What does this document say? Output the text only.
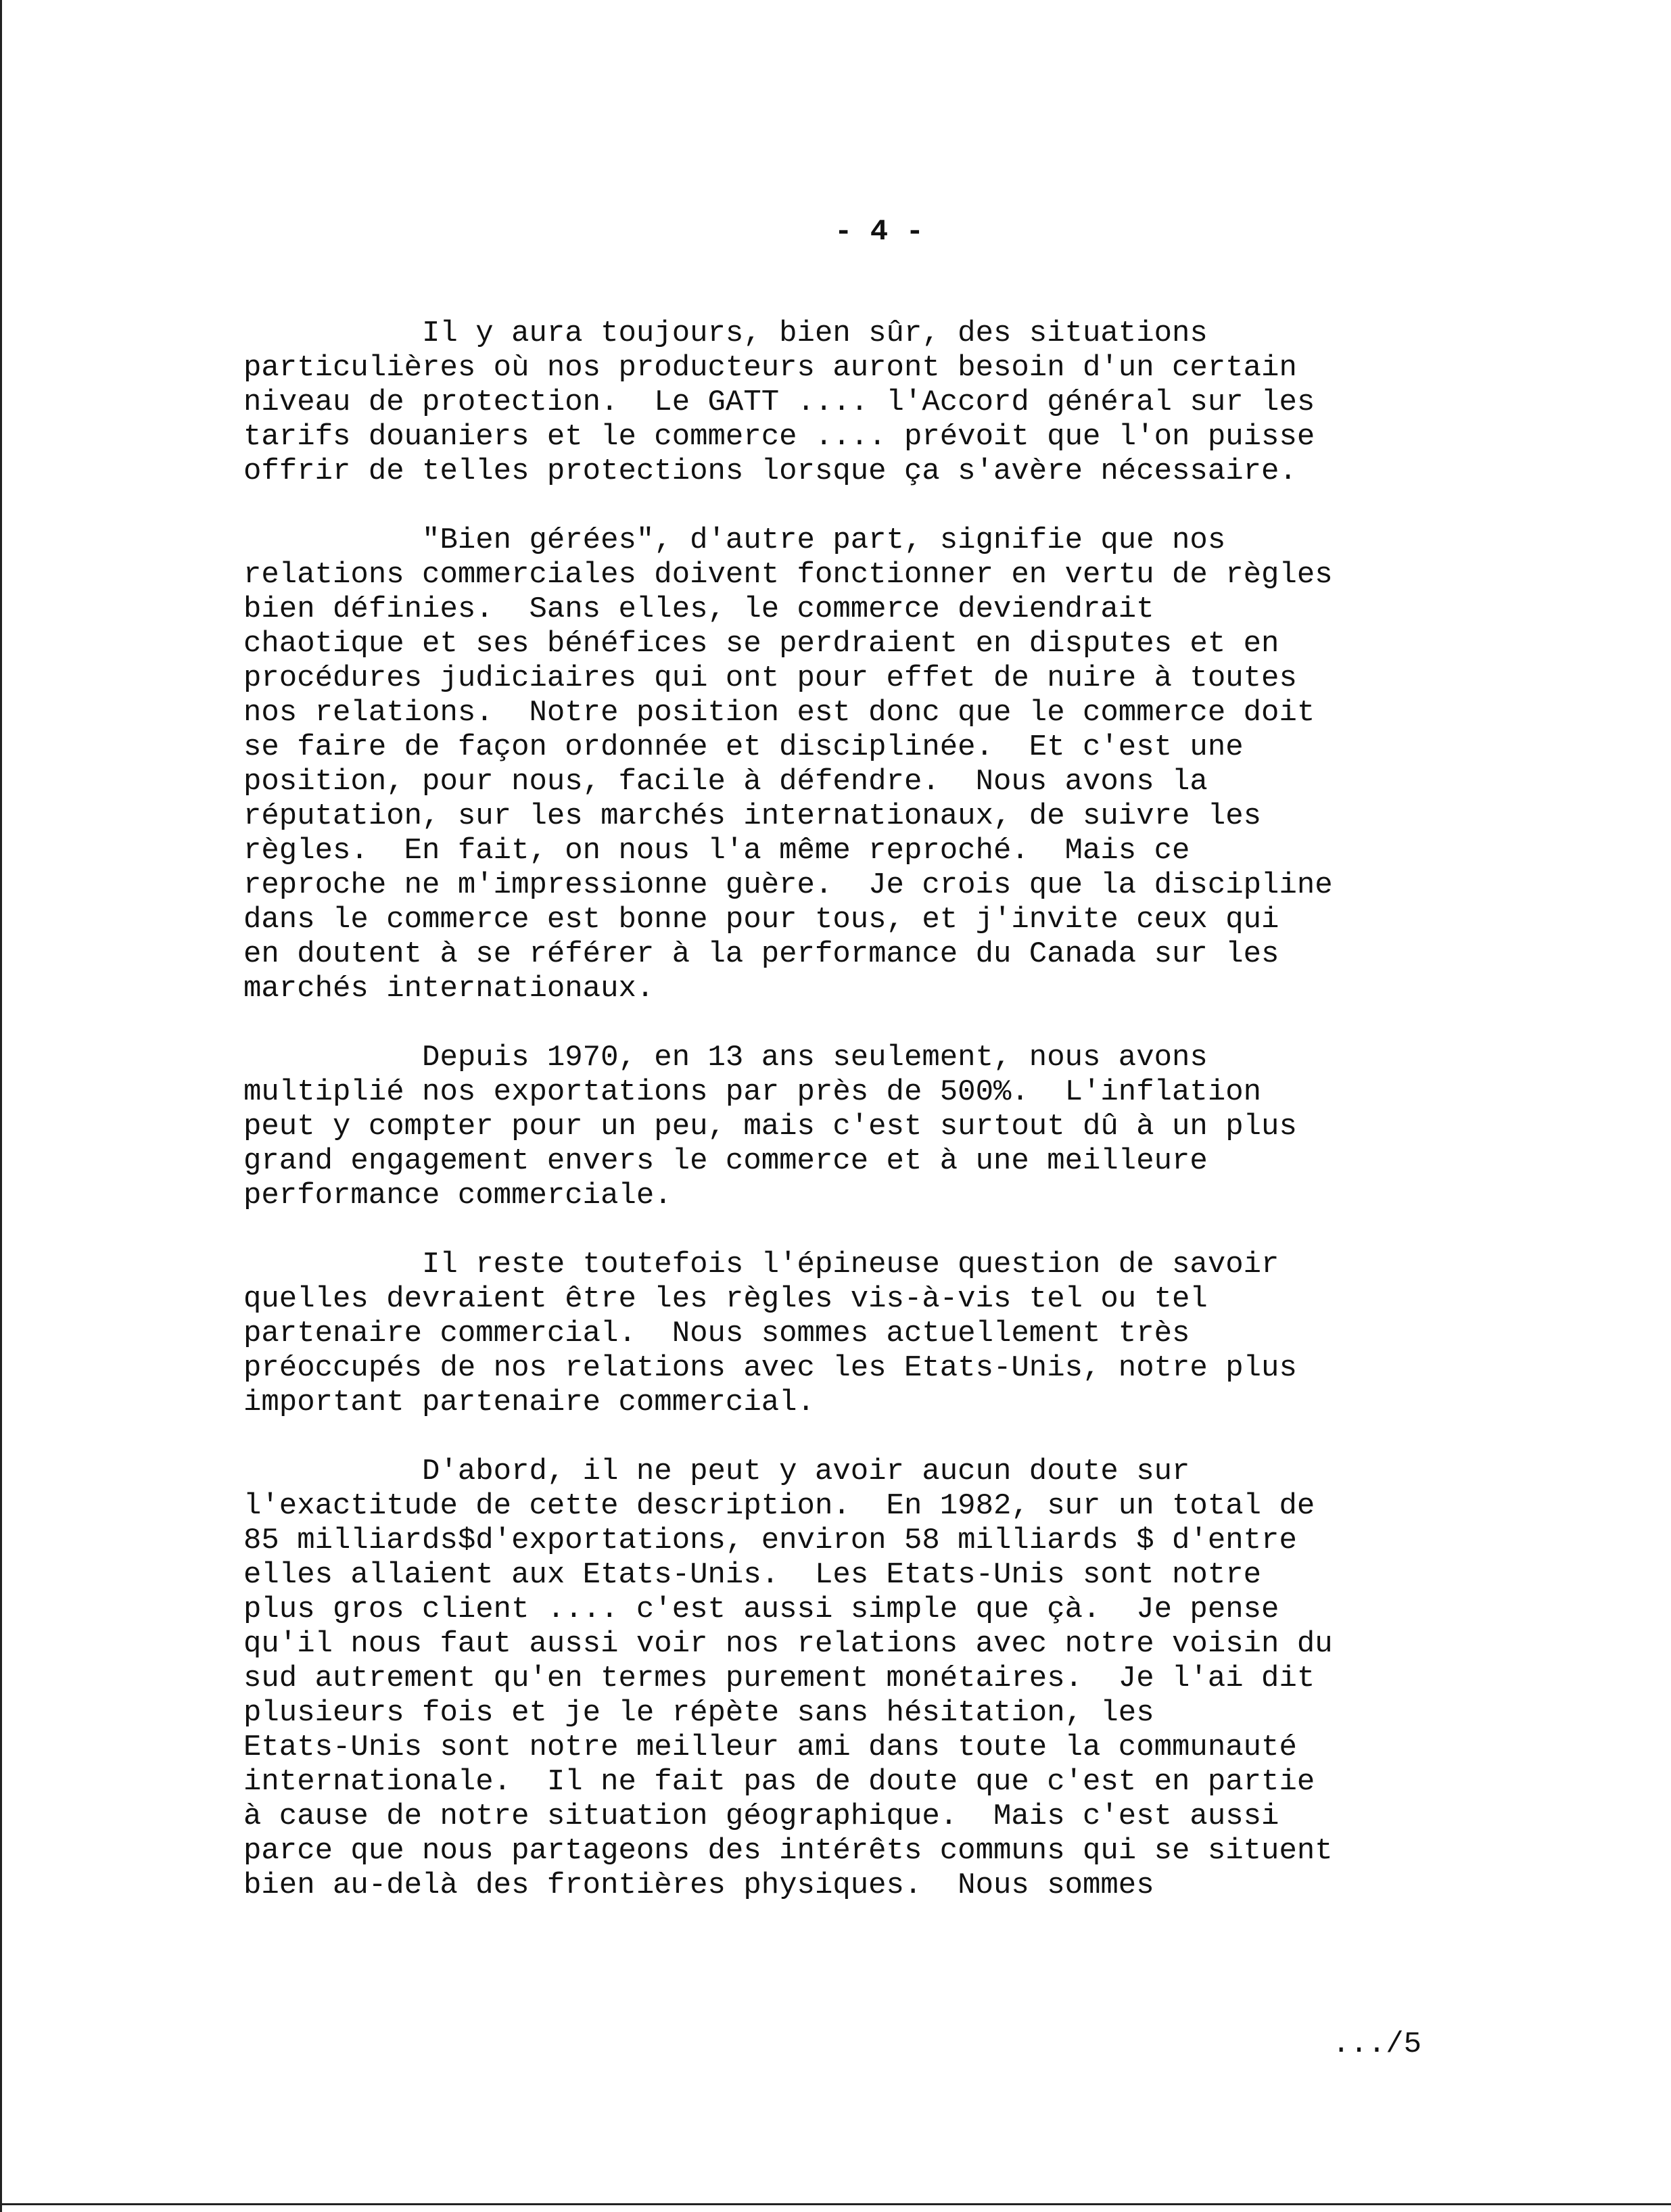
- 4 -
Il y aura toujours, bien sûr, des situations
particulières où nos producteurs auront besoin d'un certain
niveau de protection.  Le GATT .... l'Accord général sur les
tarifs douaniers et le commerce .... prévoit que l'on puisse
offrir de telles protections lorsque ça s'avère nécessaire.
"Bien gérées", d'autre part, signifie que nos
relations commerciales doivent fonctionner en vertu de règles
bien définies.  Sans elles, le commerce deviendrait
chaotique et ses bénéfices se perdraient en disputes et en
procédures judiciaires qui ont pour effet de nuire à toutes
nos relations.  Notre position est donc que le commerce doit
se faire de façon ordonnée et disciplinée.  Et c'est une
position, pour nous, facile à défendre.  Nous avons la
réputation, sur les marchés internationaux, de suivre les
règles.  En fait, on nous l'a même reproché.  Mais ce
reproche ne m'impressionne guère.  Je crois que la discipline
dans le commerce est bonne pour tous, et j'invite ceux qui
en doutent à se référer à la performance du Canada sur les
marchés internationaux.
Depuis 1970, en 13 ans seulement, nous avons
multiplié nos exportations par près de 500%.  L'inflation
peut y compter pour un peu, mais c'est surtout dû à un plus
grand engagement envers le commerce et à une meilleure
performance commerciale.
Il reste toutefois l'épineuse question de savoir
quelles devraient être les règles vis-à-vis tel ou tel
partenaire commercial.  Nous sommes actuellement très
préoccupés de nos relations avec les Etats-Unis, notre plus
important partenaire commercial.
D'abord, il ne peut y avoir aucun doute sur
l'exactitude de cette description.  En 1982, sur un total de
85 milliards$d'exportations, environ 58 milliards $ d'entre
elles allaient aux Etats-Unis.  Les Etats-Unis sont notre
plus gros client .... c'est aussi simple que çà.  Je pense
qu'il nous faut aussi voir nos relations avec notre voisin du
sud autrement qu'en termes purement monétaires.  Je l'ai dit
plusieurs fois et je le répète sans hésitation, les
Etats-Unis sont notre meilleur ami dans toute la communauté
internationale.  Il ne fait pas de doute que c'est en partie
à cause de notre situation géographique.  Mais c'est aussi
parce que nous partageons des intérêts communs qui se situent
bien au-delà des frontières physiques.  Nous sommes
.../5
